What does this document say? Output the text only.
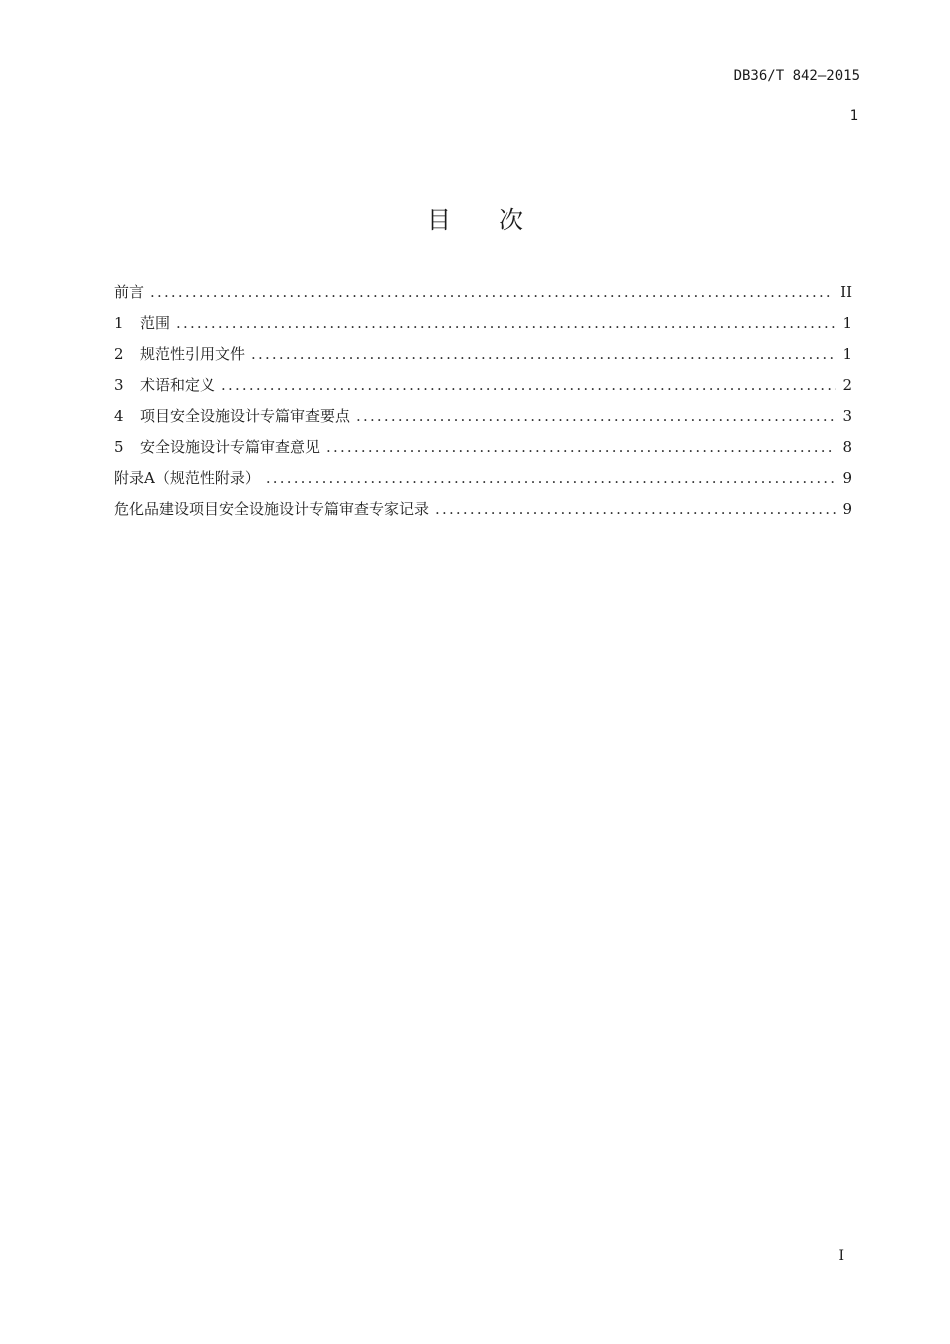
DB36/T 842—2015
1
目次
前言 .....	II
1	范围 .....	1
2	规范性引用文件 .....	1
3	术语和定义 .....	2
4	项目安全设施设计专篇审查要点 .....	3
5	安全设施设计专篇审查意见 .....	8
附录A（规范性附录） .....	9
危化品建设项目安全设施设计专篇审查专家记录 .....	9
I
